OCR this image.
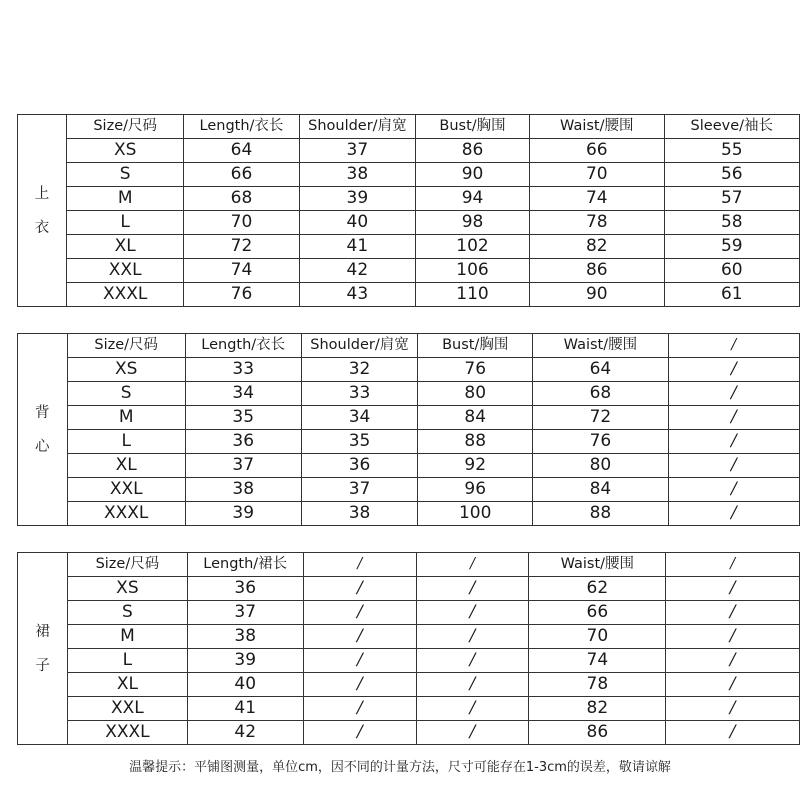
上
衣	Size/尺码	Length/衣长	Shoulder/肩宽	Bust/胸围	Waist/腰围	Sleeve/袖长
	XS	64	37	86	66	55
	S	66	38	90	70	56
	M	68	39	94	74	57
	L	70	40	98	78	58
	XL	72	41	102	82	59
	XXL	74	42	106	86	60
	XXXL	76	43	110	90	61
背
心	Size/尺码	Length/衣长	Shoulder/肩宽	Bust/胸围	Waist/腰围	/
	XS	33	32	76	64	/
	S	34	33	80	68	/
	M	35	34	84	72	/
	L	36	35	88	76	/
	XL	37	36	92	80	/
	XXL	38	37	96	84	/
	XXXL	39	38	100	88	/
裙
子	Size/尺码	Length/裙长	/	/	Waist/腰围	/
	XS	36	/	/	62	/
	S	37	/	/	66	/
	M	38	/	/	70	/
	L	39	/	/	74	/
	XL	40	/	/	78	/
	XXL	41	/	/	82	/
	XXXL	42	/	/	86	/
温馨提示：平铺图测量，单位cm，因不同的计量方法，尺寸可能存在1-3cm的误差，敬请谅解
